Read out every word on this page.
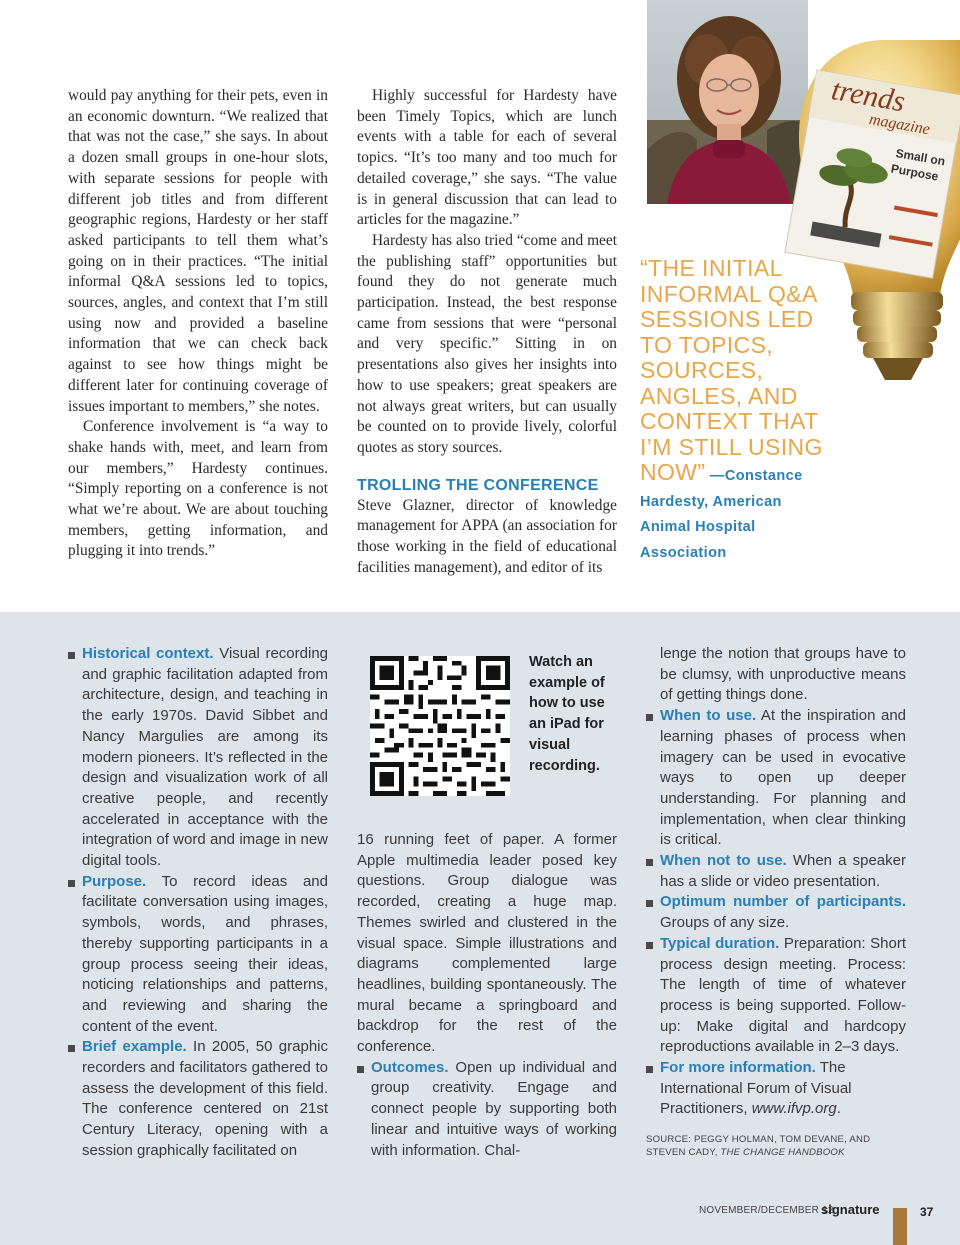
would pay anything for their pets, even in an economic downturn. “We realized that that was not the case,” she says. In about a dozen small groups in one-hour slots, with separate sessions for people with different job titles and from different geographic regions, Hardesty or her staff asked participants to tell them what’s going on in their practices. “The initial informal Q&A sessions led to topics, sources, angles, and context that I’m still using now and provided a baseline information that we can check back against to see how things might be different later for continuing coverage of issues important to members,” she notes.

Conference involvement is “a way to shake hands with, meet, and learn from our members,” Hardesty continues. “Simply reporting on a conference is not what we’re about. We are about touching members, getting information, and plugging it into trends.”

Highly successful for Hardesty have been Timely Topics, which are lunch events with a table for each of several topics. “It’s too many and too much for detailed coverage,” she says. “The value is in general discussion that can lead to articles for the magazine.”

Hardesty has also tried “come and meet the publishing staff” opportunities but found they do not generate much participation. Instead, the best response came from sessions that were “personal and very specific.” Sitting in on presentations also gives her insights into how to use speakers; great speakers are not always great writers, but can usually be counted on to provide lively, colorful quotes as story sources.

TROLLING THE CONFERENCE

Steve Glazner, director of knowledge management for APPA (an association for those working in the field of educational facilities management), and editor of its

trends
magazine
Small on
Purpose
“THE INITIAL INFORMAL Q&A SESSIONS LED TO TOPICS, SOURCES, ANGLES, AND CONTEXT THAT I’M STILL USING NOW” —Constance Hardesty, American Animal Hospital Association
Historical context. Visual recording and graphic facilitation adapted from architecture, design, and teaching in the early 1970s. David Sibbet and Nancy Margulies are among its modern pioneers. It’s reflected in the design and visualization work of all creative people, and recently accelerated in acceptance with the integration of word and image in new digital tools.
Purpose. To record ideas and facilitate conversation using images, symbols, words, and phrases, thereby supporting participants in a group process seeing their ideas, noticing relationships and patterns, and reviewing and sharing the content of the event.
Brief example. In 2005, 50 graphic recorders and facilitators gathered to assess the development of this field. The conference centered on 21st Century Literacy, opening with a session graphically facilitated on
Watch an example of how to use an iPad for visual recording.
16 running feet of paper. A former Apple multimedia leader posed key questions. Group dialogue was recorded, creating a huge map. Themes swirled and clustered in the visual space. Simple illustrations and diagrams complemented large headlines, building spontaneously. The mural became a springboard and backdrop for the rest of the conference.
Outcomes. Open up individual and group creativity. Engage and connect people by supporting both linear and intuitive ways of working with information. Chal-
lenge the notion that groups have to be clumsy, with unproductive means of getting things done.
When to use. At the inspiration and learning phases of process when imagery can be used in evocative ways to open up deeper understanding. For planning and implementation, when clear thinking is critical.
When not to use. When a speaker has a slide or video presentation.
Optimum number of participants. Groups of any size.
Typical duration. Preparation: Short process design meeting. Process: The length of time of whatever process is being supported. Follow-up: Make digital and hardcopy reproductions available in 2–3 days.
For more information. The International Forum of Visual Practitioners, www.ifvp.org.
SOURCE: PEGGY HOLMAN, TOM DEVANE, AND STEVEN CADY, THE CHANGE HANDBOOK
NOVEMBER/DECEMBER 12
signature	37
